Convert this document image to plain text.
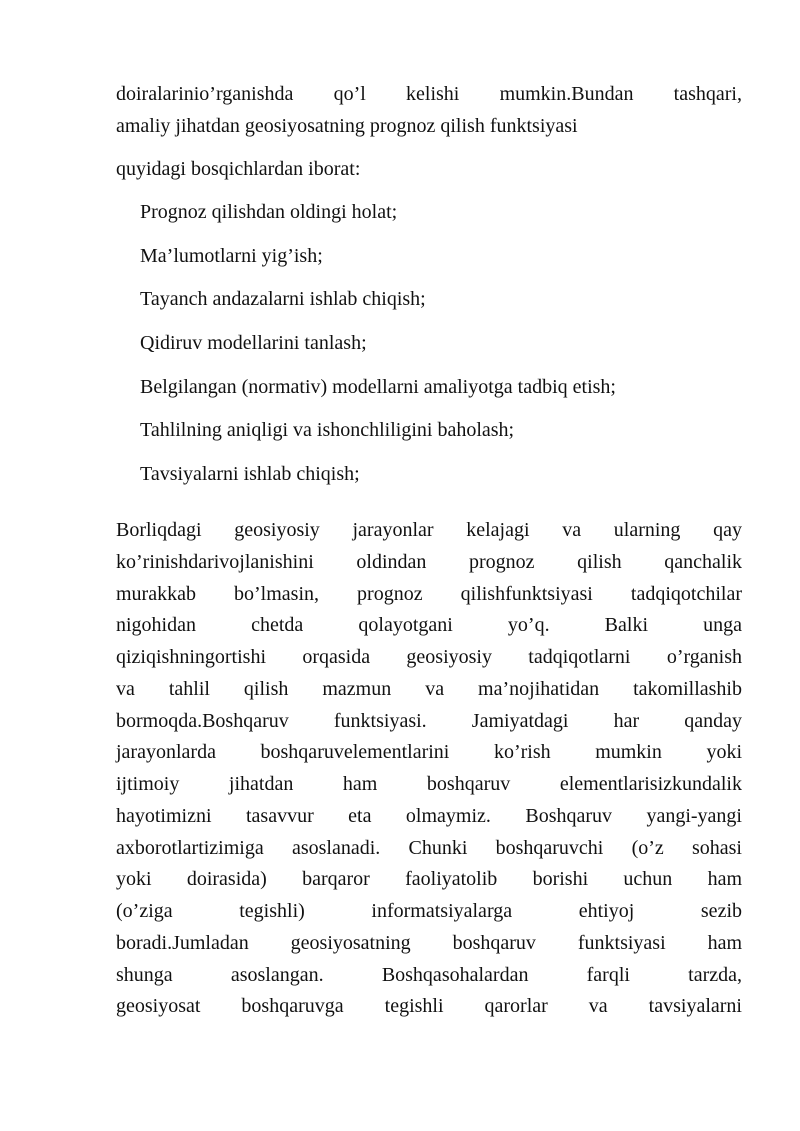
doiralarinio’rganishda qo’l kelishi mumkin.Bundan tashqari,

amaliy jihatdan geosiyosatning prognoz qilish funktsiyasi

quyidagi bosqichlardan iborat:

Prognoz qilishdan oldingi holat;
Ma’lumotlarni yig’ish;
Tayanch andazalarni ishlab chiqish;
Qidiruv modellarini tanlash;
Belgilangan (normativ) modellarni amaliyotga tadbiq etish;
Tahlilning aniqligi va ishonchliligini baholash;
Tavsiyalarni ishlab chiqish;

Borliqdagi geosiyosiy jarayonlar kelajagi va ularning qay

ko’rinishdarivojlanishini oldindan prognoz qilish qanchalik

murakkab bo’lmasin, prognoz qilishfunktsiyasi tadqiqotchilar

nigohidan chetda qolayotgani yo’q. Balki unga

qiziqishningortishi orqasida geosiyosiy tadqiqotlarni o’rganish

va tahlil qilish mazmun va ma’nojihatidan takomillashib

bormoqda.Boshqaruv funktsiyasi. Jamiyatdagi har qanday

jarayonlarda boshqaruvelementlarini ko’rish mumkin yoki

ijtimoiy jihatdan ham boshqaruv elementlarisizkundalik

hayotimizni tasavvur eta olmaymiz. Boshqaruv yangi-yangi

axborotlartizimiga asoslanadi. Chunki boshqaruvchi (o’z sohasi

yoki doirasida) barqaror faoliyatolib borishi uchun ham

(o’ziga tegishli) informatsiyalarga ehtiyoj sezib

boradi.Jumladan geosiyosatning boshqaruv funktsiyasi ham

shunga asoslangan. Boshqasohalardan farqli tarzda,

geosiyosat boshqaruvga tegishli qarorlar va tavsiyalarni
